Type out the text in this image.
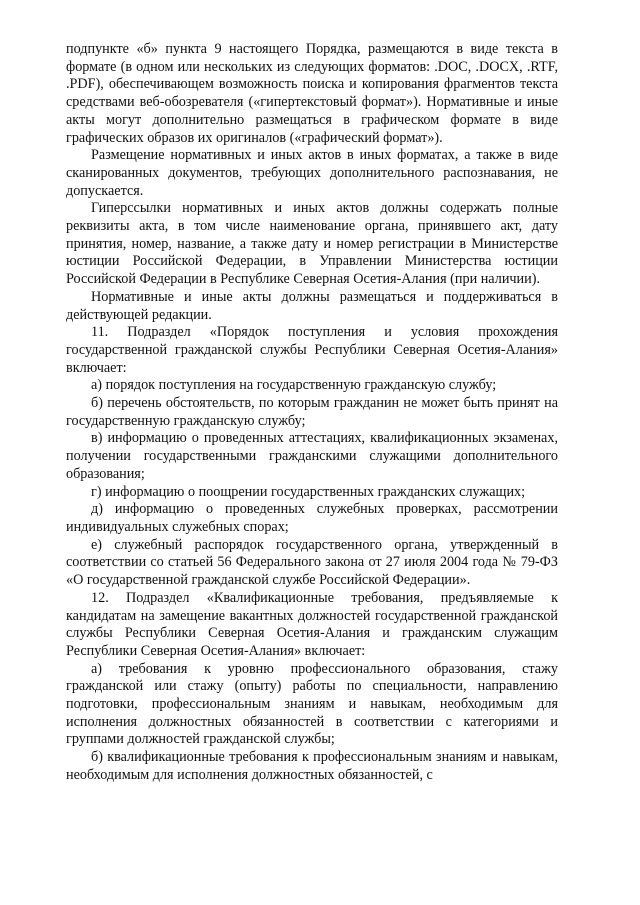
подпункте «б» пункта 9 настоящего Порядка, размещаются в виде текста в формате (в одном или нескольких из следующих форматов: .DOC, .DOCX, .RTF, .PDF), обеспечивающем возможность поиска и копирования фрагментов текста средствами веб-обозревателя («гипертекстовый формат»). Нормативные и иные акты могут дополнительно размещаться в графическом формате в виде графических образов их оригиналов («графический формат»).

Размещение нормативных и иных актов в иных форматах, а также в виде сканированных документов, требующих дополнительного распознавания, не допускается.

Гиперссылки нормативных и иных актов должны содержать полные реквизиты акта, в том числе наименование органа, принявшего акт, дату принятия, номер, название, а также дату и номер регистрации в Министерстве юстиции Российской Федерации, в Управлении Министерства юстиции Российской Федерации в Республике Северная Осетия-Алания (при наличии).

Нормативные и иные акты должны размещаться и поддерживаться в действующей редакции.

11. Подраздел «Порядок поступления и условия прохождения государственной гражданской службы Республики Северная Осетия-Алания» включает:

а) порядок поступления на государственную гражданскую службу;

б) перечень обстоятельств, по которым гражданин не может быть принят на государственную гражданскую службу;

в) информацию о проведенных аттестациях, квалификационных экзаменах, получении государственными гражданскими служащими дополнительного образования;

г) информацию о поощрении государственных гражданских служащих;

д) информацию о проведенных служебных проверках, рассмотрении индивидуальных служебных спорах;

е) служебный распорядок государственного органа, утвержденный в соответствии со статьей 56 Федерального закона от 27 июля 2004 года № 79-ФЗ «О государственной гражданской службе Российской Федерации».

12. Подраздел «Квалификационные требования, предъявляемые к кандидатам на замещение вакантных должностей государственной гражданской службы Республики Северная Осетия-Алания и гражданским служащим Республики Северная Осетия-Алания» включает:

а) требования к уровню профессионального образования, стажу гражданской или стажу (опыту) работы по специальности, направлению подготовки, профессиональным знаниям и навыкам, необходимым для исполнения должностных обязанностей в соответствии с категориями и группами должностей гражданской службы;

б) квалификационные требования к профессиональным знаниям и навыкам, необходимым для исполнения должностных обязанностей, с
